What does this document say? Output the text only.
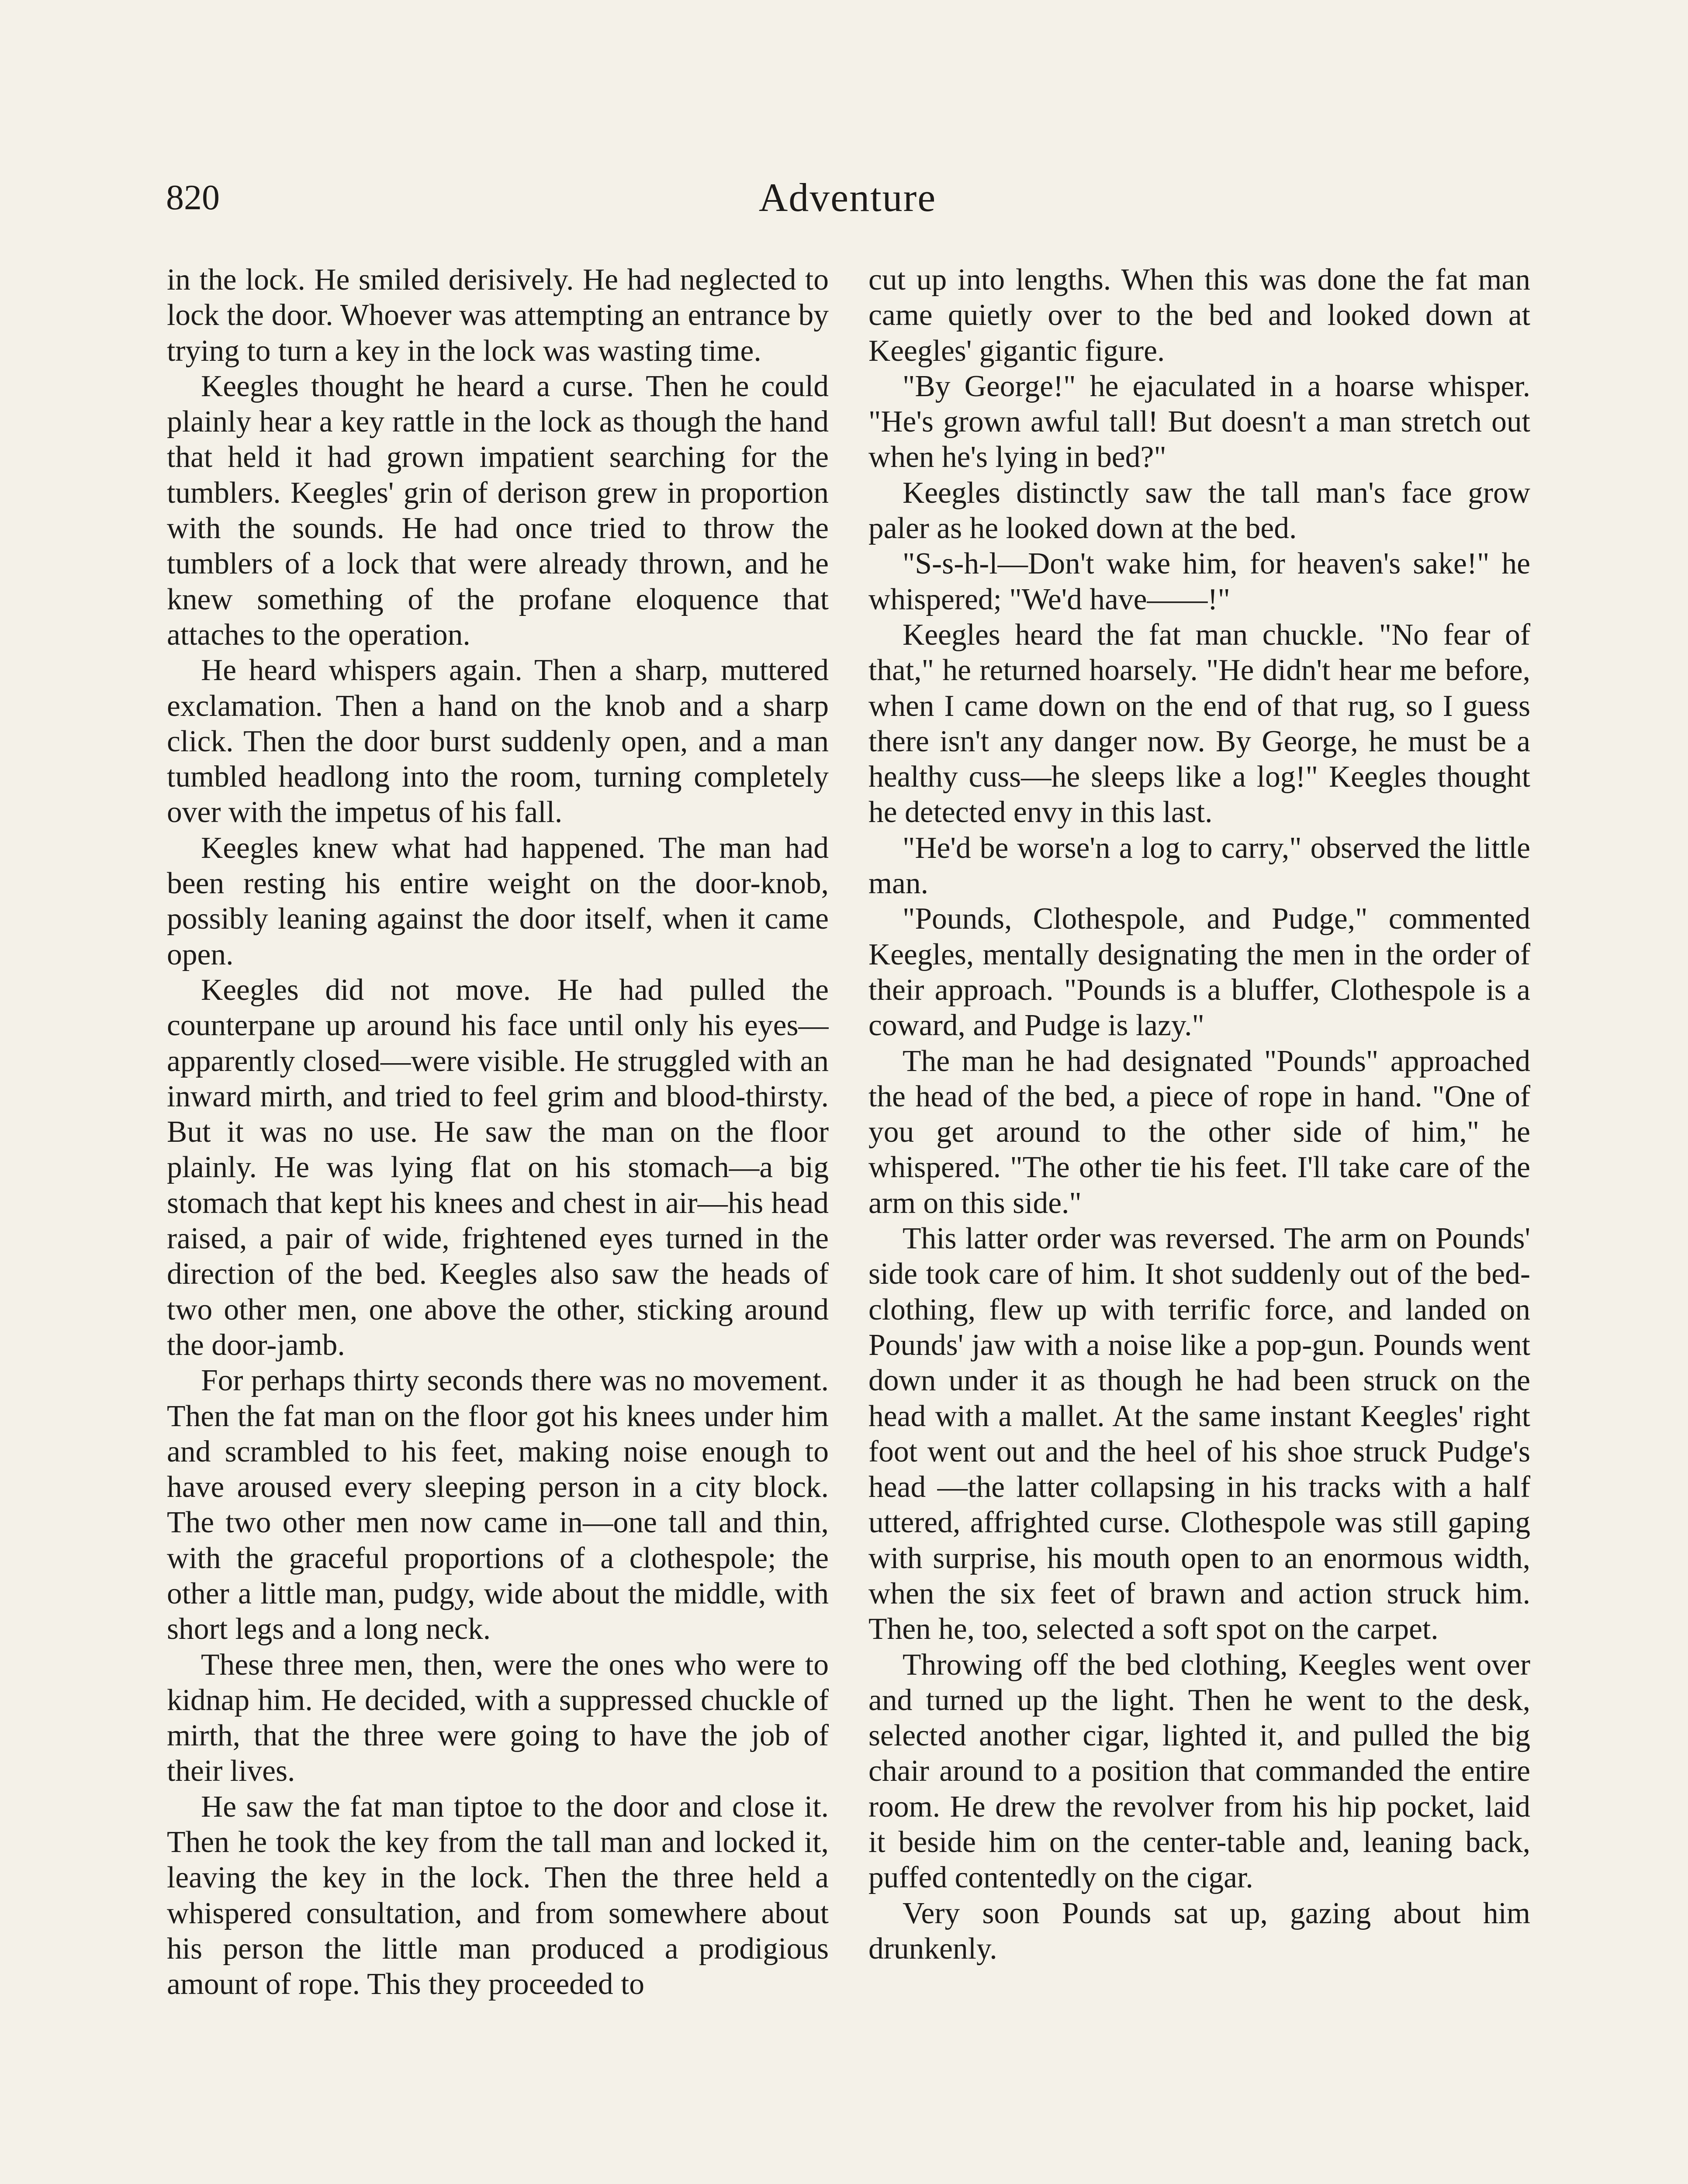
820	Adventure

in the lock. He smiled derisively. He had neglected to lock the door. Whoever was attempting an entrance by trying to turn a key in the lock was wasting time.

Keegles thought he heard a curse. Then he could plainly hear a key rattle in the lock as though the hand that held it had grown impatient searching for the tumblers. Keegles' grin of derison grew in proportion with the sounds. He had once tried to throw the tumblers of a lock that were already thrown, and he knew something of the profane eloquence that attaches to the operation.

He heard whispers again. Then a sharp, muttered exclamation. Then a hand on the knob and a sharp click. Then the door burst suddenly open, and a man tumbled headlong into the room, turning completely over with the impetus of his fall.

Keegles knew what had happened. The man had been resting his entire weight on the door-knob, possibly leaning against the door itself, when it came open.

Keegles did not move. He had pulled the counterpane up around his face until only his eyes—apparently closed—were visible. He struggled with an inward mirth, and tried to feel grim and blood-thirsty. But it was no use. He saw the man on the floor plainly. He was lying flat on his stomach—a big stomach that kept his knees and chest in air—his head raised, a pair of wide, frightened eyes turned in the direction of the bed. Keegles also saw the heads of two other men, one above the other, sticking around the door-jamb.

For perhaps thirty seconds there was no movement. Then the fat man on the floor got his knees under him and scrambled to his feet, making noise enough to have aroused every sleeping person in a city block. The two other men now came in—one tall and thin, with the graceful proportions of a clothespole; the other a little man, pudgy, wide about the middle, with short legs and a long neck.

These three men, then, were the ones who were to kidnap him. He decided, with a suppressed chuckle of mirth, that the three were going to have the job of their lives.

He saw the fat man tiptoe to the door and close it. Then he took the key from the tall man and locked it, leaving the key in the lock. Then the three held a whispered consultation, and from somewhere about his person the little man produced a prodigious amount of rope. This they proceeded to

cut up into lengths. When this was done the fat man came quietly over to the bed and looked down at Keegles' gigantic figure.

"By George!" he ejaculated in a hoarse whisper. "He's grown awful tall! But doesn't a man stretch out when he's lying in bed?"

Keegles distinctly saw the tall man's face grow paler as he looked down at the bed.

"S-s-h-l—Don't wake him, for heaven's sake!" he whispered; "We'd have——!"

Keegles heard the fat man chuckle. "No fear of that," he returned hoarsely. "He didn't hear me before, when I came down on the end of that rug, so I guess there isn't any danger now. By George, he must be a healthy cuss—he sleeps like a log!" Keegles thought he detected envy in this last.

"He'd be worse'n a log to carry," observed the little man.

"Pounds, Clothespole, and Pudge," commented Keegles, mentally designating the men in the order of their approach. "Pounds is a bluffer, Clothespole is a coward, and Pudge is lazy."

The man he had designated "Pounds" approached the head of the bed, a piece of rope in hand. "One of you get around to the other side of him," he whispered. "The other tie his feet. I'll take care of the arm on this side."

This latter order was reversed. The arm on Pounds' side took care of him. It shot suddenly out of the bed-clothing, flew up with terrific force, and landed on Pounds' jaw with a noise like a pop-gun. Pounds went down under it as though he had been struck on the head with a mallet. At the same instant Keegles' right foot went out and the heel of his shoe struck Pudge's head —the latter collapsing in his tracks with a half uttered, affrighted curse. Clothespole was still gaping with surprise, his mouth open to an enormous width, when the six feet of brawn and action struck him. Then he, too, selected a soft spot on the carpet.

Throwing off the bed clothing, Keegles went over and turned up the light. Then he went to the desk, selected another cigar, lighted it, and pulled the big chair around to a position that commanded the entire room. He drew the revolver from his hip pocket, laid it beside him on the center-table and, leaning back, puffed contentedly on the cigar.

Very soon Pounds sat up, gazing about him drunkenly.
